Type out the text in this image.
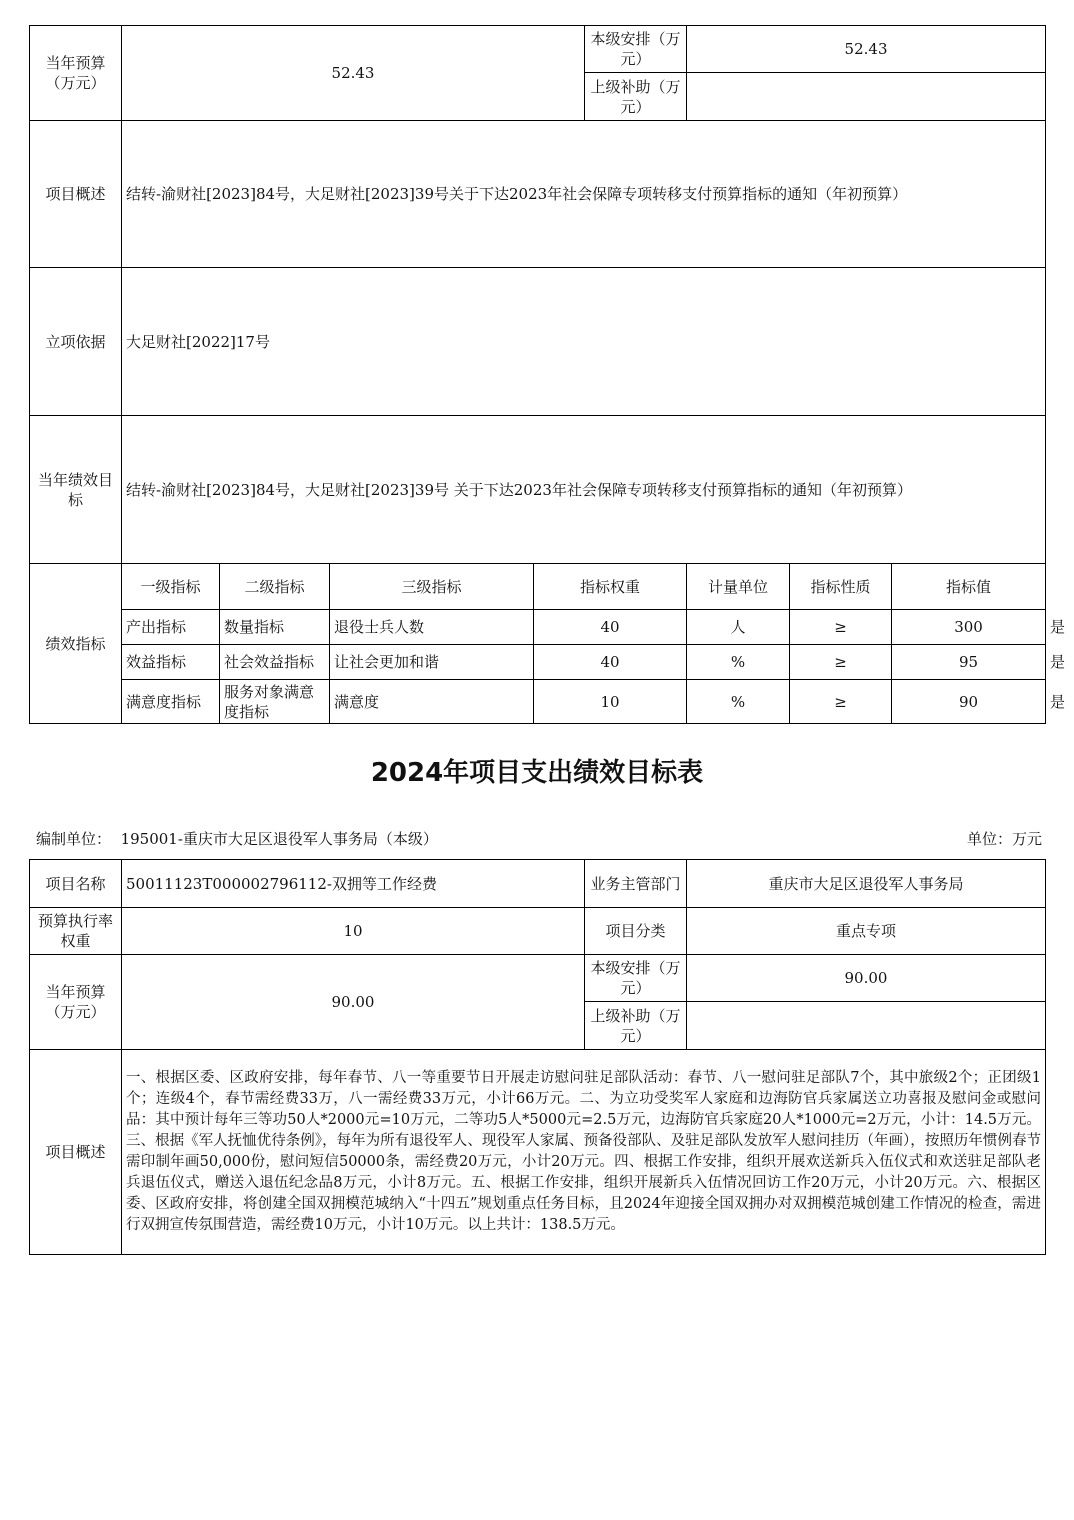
当年预算（万元）	52.43				本级安排（万元）	52.43			
					上级补助（万元）				
项目概述	结转-渝财社[2023]84号，大足财社[2023]39号关于下达2023年社会保障专项转移支付预算指标的通知（年初预算）								
立项依据	大足财社[2022]17号								
当年绩效目标	结转-渝财社[2023]84号，大足财社[2023]39号 关于下达2023年社会保障专项转移支付预算指标的通知（年初预算）								
绩效指标	一级指标	二级指标	三级指标	指标权重		计量单位	指标性质	指标值	
	产出指标	数量指标	退役士兵人数	40		人	≥	300	是
	效益指标	社会效益指标	让社会更加和谐	40		%	≥	95	是
	满意度指标	服务对象满意度指标	满意度	10		%	≥	90	是
2024年项目支出绩效目标表
编制单位： 195001-重庆市大足区退役军人事务局（本级）	单位：万元
项目名称	50011123T000002796112-双拥等工作经费	业务主管部门	重庆市大足区退役军人事务局
预算执行率权重	10	项目分类	重点专项
当年预算（万元）	90.00	本级安排（万元）	90.00
		上级补助（万元）	
项目概述	一、根据区委、区政府安排，每年春节、八一等重要节日开展走访慰问驻足部队活动：春节、八一慰问驻足部队7个，其中旅级2个；正团级1个；连级4个，春节需经费33万，八一需经费33万元，小计66万元。二、为立功受奖军人家庭和边海防官兵家属送立功喜报及慰问金或慰问品：其中预计每年三等功50人*2000元=10万元，二等功5人*5000元=2.5万元，边海防官兵家庭20人*1000元=2万元，小计：14.5万元。三、根据《军人抚恤优待条例》，每年为所有退役军人、现役军人家属、预备役部队、及驻足部队发放军人慰问挂历（年画），按照历年惯例春节需印制年画50,000份，慰问短信50000条，需经费20万元，小计20万元。四、根据工作安排，组织开展欢送新兵入伍仪式和欢送驻足部队老兵退伍仪式，赠送入退伍纪念品8万元，小计8万元。五、根据工作安排，组织开展新兵入伍情况回访工作20万元，小计20万元。六、根据区委、区政府安排，将创建全国双拥模范城纳入“十四五”规划重点任务目标，且2024年迎接全国双拥办对双拥模范城创建工作情况的检查，需进行双拥宣传氛围营造，需经费10万元，小计10万元。以上共计：138.5万元。		
